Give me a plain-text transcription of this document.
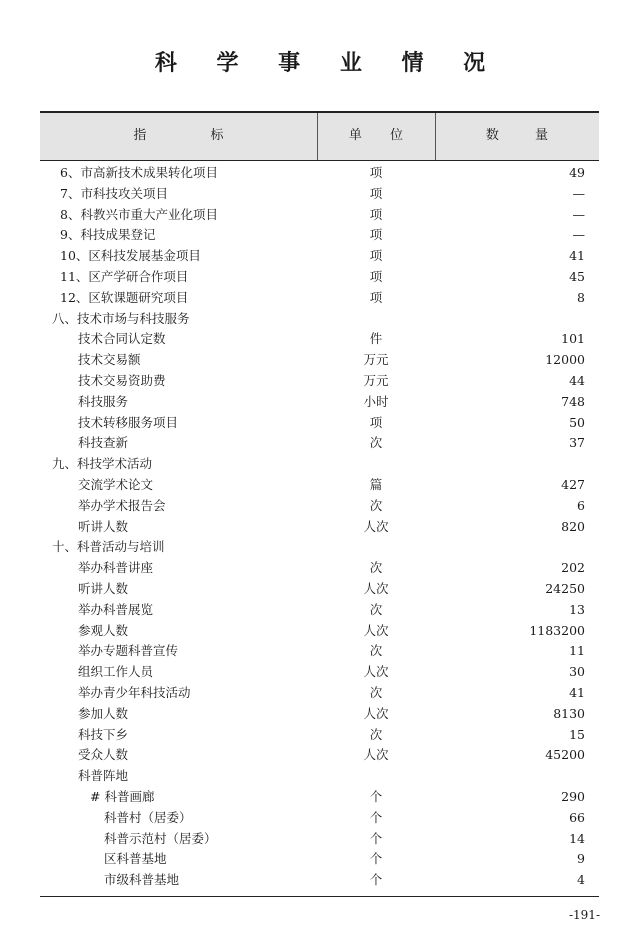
科 学 事 业 情 况
指 标	单 位	数 量
6、市高新技术成果转化项目	项	49
7、市科技攻关项目	项	—
8、科教兴市重大产业化项目	项	—
9、科技成果登记	项	—
10、区科技发展基金项目	项	41
11、区产学研合作项目	项	45
12、区软课题研究项目	项	8
八、技术市场与科技服务
技术合同认定数	件	101
技术交易额	万元	12000
技术交易资助费	万元	44
科技服务	小时	748
技术转移服务项目	项	50
科技查新	次	37
九、科技学术活动
交流学术论文	篇	427
举办学术报告会	次	6
听讲人数	人次	820
十、科普活动与培训
举办科普讲座	次	202
听讲人数	人次	24250
举办科普展览	次	13
参观人数	人次	1183200
举办专题科普宣传	次	11
组织工作人员	人次	30
举办青少年科技活动	次	41
参加人数	人次	8130
科技下乡	次	15
受众人数	人次	45200
科普阵地
# 科普画廊	个	290
科普村（居委）	个	66
科普示范村（居委）	个	14
区科普基地	个	9
市级科普基地	个	4
-191-
